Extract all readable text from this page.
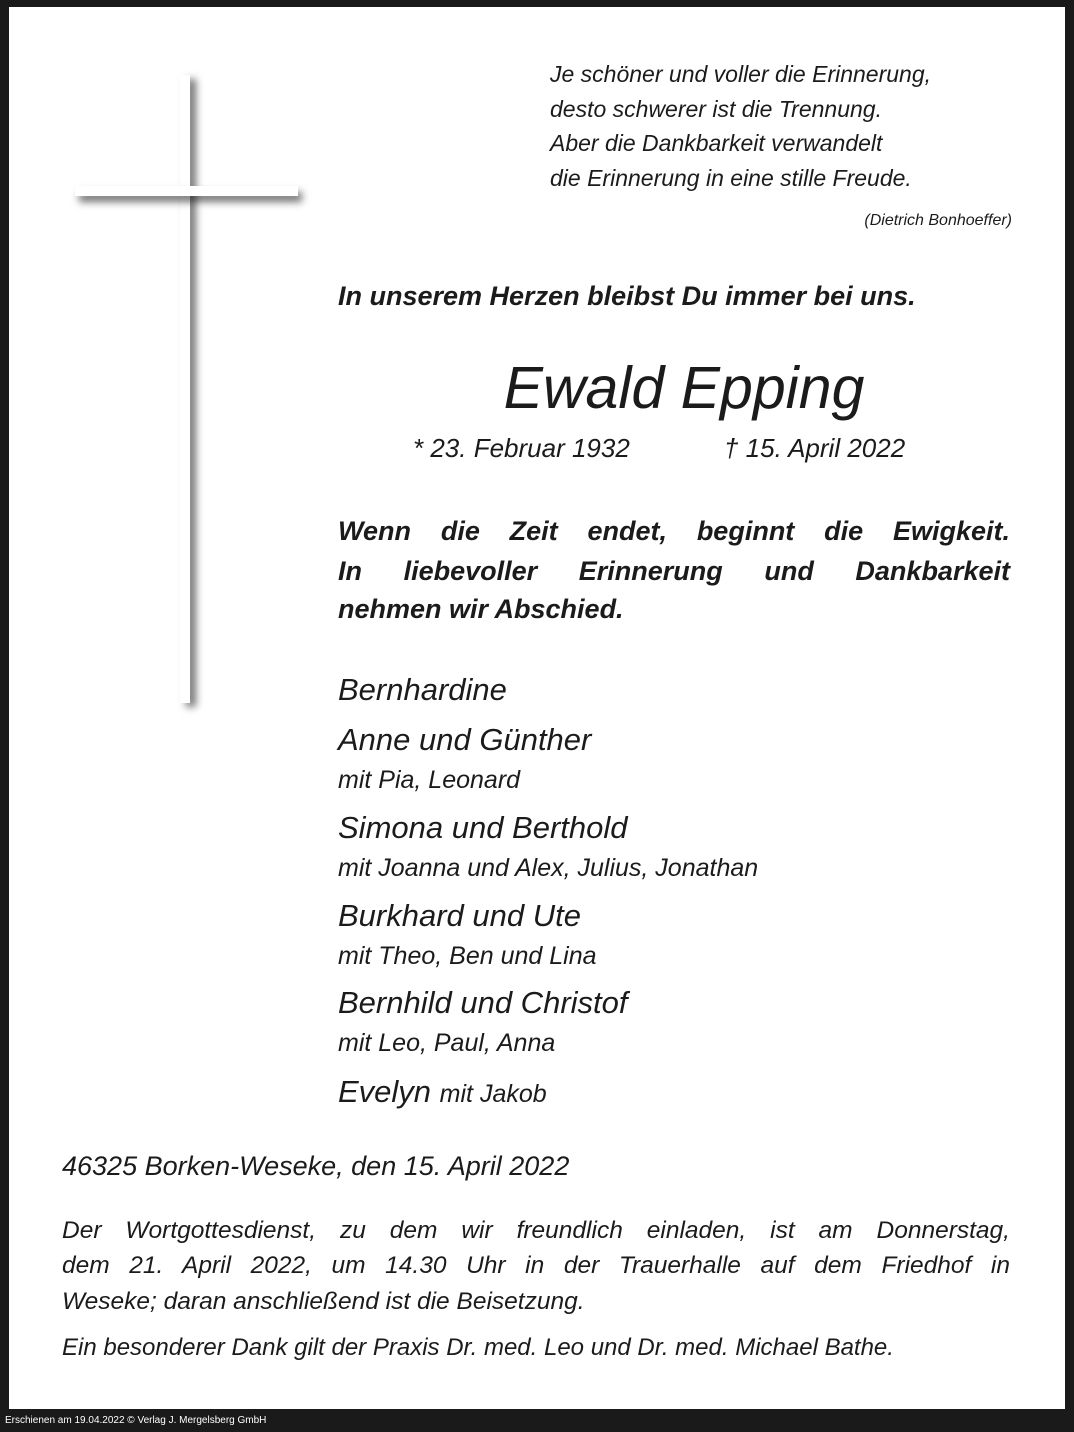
Je schöner und voller die Erinnerung,
desto schwerer ist die Trennung.
Aber die Dankbarkeit verwandelt
die Erinnerung in eine stille Freude.
(Dietrich Bonhoeffer)
In unserem Herzen bleibst Du immer bei uns.
Ewald Epping
* 23. Februar 1932	† 15. April 2022
Wenn die Zeit endet, beginnt die Ewigkeit.
In liebevoller Erinnerung und Dankbarkeit
nehmen wir Abschied.
Bernhardine
Anne und Günther
mit Pia, Leonard
Simona und Berthold
mit Joanna und Alex, Julius, Jonathan
Burkhard und Ute
mit Theo, Ben und Lina
Bernhild und Christof
mit Leo, Paul, Anna
Evelyn mit Jakob
46325 Borken-Weseke, den 15. April 2022
Der Wortgottesdienst, zu dem wir freundlich einladen, ist am Donnerstag,
dem 21. April 2022, um 14.30 Uhr in der Trauerhalle auf dem Friedhof in
Weseke; daran anschließend ist die Beisetzung.
Ein besonderer Dank gilt der Praxis Dr. med. Leo und Dr. med. Michael Bathe.
Erschienen am 19.04.2022 © Verlag J. Mergelsberg GmbH
